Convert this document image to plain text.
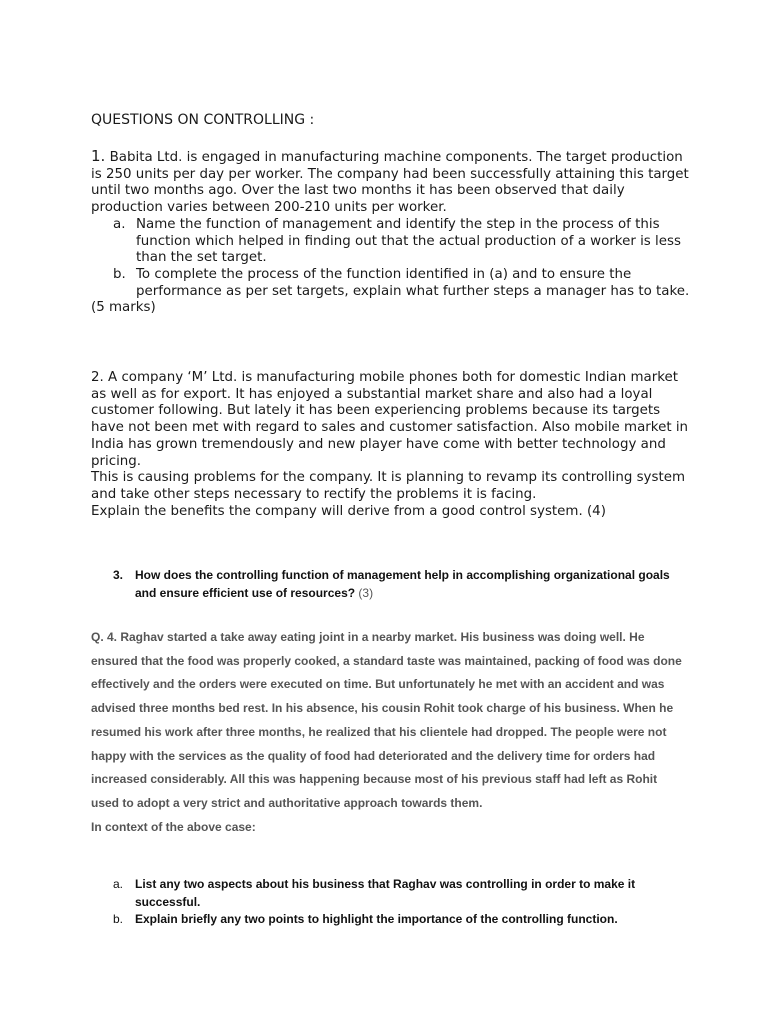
QUESTIONS ON CONTROLLING :
1. Babita Ltd. is engaged in manufacturing machine components. The target production is 250 units per day per worker. The company had been successfully attaining this target until two months ago. Over the last two months it has been observed that daily production varies between 200-210 units per worker.
a. Name the function of management and identify the step in the process of this function which helped in finding out that the actual production of a worker is less than the set target.
b. To complete the process of the function identified in (a) and to ensure the performance as per set targets, explain what further steps a manager has to take.
(5 marks)

2. A company ‘M’ Ltd. is manufacturing mobile phones both for domestic Indian market as well as for export. It has enjoyed a substantial market share and also had a loyal customer following. But lately it has been experiencing problems because its targets have not been met with regard to sales and customer satisfaction. Also mobile market in India has grown tremendously and new player have come with better technology and pricing.

This is causing problems for the company. It is planning to revamp its controlling system and take other steps necessary to rectify the problems it is facing.

Explain the benefits the company will derive from a good control system. (4)

3. How does the controlling function of management help in accomplishing organizational goals and ensure efficient use of resources? (3)

Q. 4. Raghav started a take away eating joint in a nearby market. His business was doing well. He ensured that the food was properly cooked, a standard taste was maintained, packing of food was done effectively and the orders were executed on time. But unfortunately he met with an accident and was advised three months bed rest. In his absence, his cousin Rohit took charge of his business. When he resumed his work after three months, he realized that his clientele had dropped. The people were not happy with the services as the quality of food had deteriorated and the delivery time for orders had increased considerably. All this was happening because most of his previous staff had left as Rohit used to adopt a very strict and authoritative approach towards them.

In context of the above case:

a. List any two aspects about his business that Raghav was controlling in order to make it successful.
b. Explain briefly any two points to highlight the importance of the controlling function.
